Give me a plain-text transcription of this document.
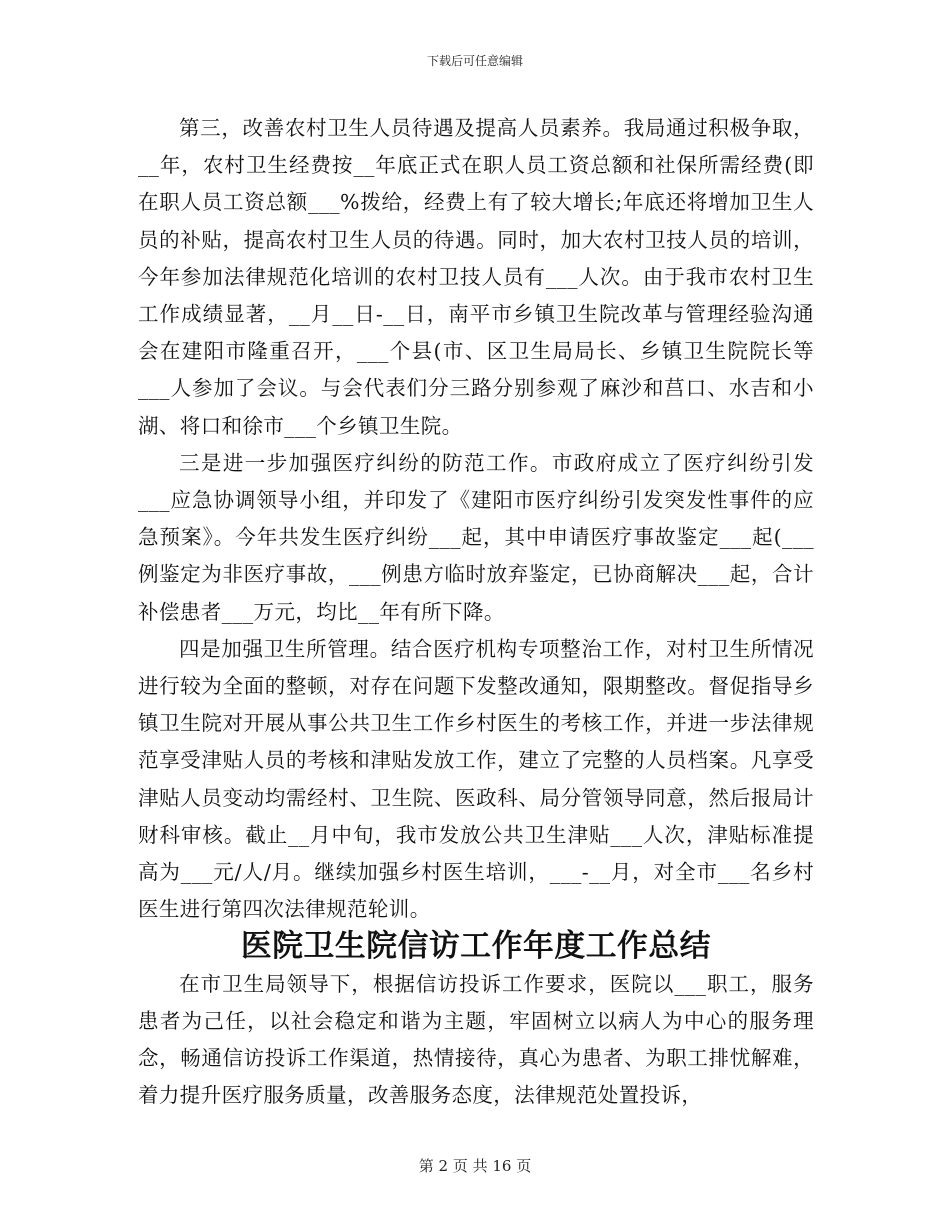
下载后可任意编辑

第三，改善农村卫生人员待遇及提高人员素养。我局通过积极争取，__年，农村卫生经费按__年底正式在职人员工资总额和社保所需经费(即在职人员工资总额___%拨给，经费上有了较大增长;年底还将增加卫生人员的补贴，提高农村卫生人员的待遇。同时，加大农村卫技人员的培训，今年参加法律规范化培训的农村卫技人员有___人次。由于我市农村卫生工作成绩显著，__月__日-__日，南平市乡镇卫生院改革与管理经验沟通会在建阳市隆重召开，___个县(市、区卫生局局长、乡镇卫生院院长等___人参加了会议。与会代表们分三路分别参观了麻沙和莒口、水吉和小湖、将口和徐市___个乡镇卫生院。

三是进一步加强医疗纠纷的防范工作。市政府成立了医疗纠纷引发___应急协调领导小组，并印发了《建阳市医疗纠纷引发突发性事件的应急预案》。今年共发生医疗纠纷___起，其中申请医疗事故鉴定___起(___例鉴定为非医疗事故，___例患方临时放弃鉴定，已协商解决___起，合计补偿患者___万元，均比__年有所下降。

四是加强卫生所管理。结合医疗机构专项整治工作，对村卫生所情况进行较为全面的整顿，对存在问题下发整改通知，限期整改。督促指导乡镇卫生院对开展从事公共卫生工作乡村医生的考核工作，并进一步法律规范享受津贴人员的考核和津贴发放工作，建立了完整的人员档案。凡享受津贴人员变动均需经村、卫生院、医政科、局分管领导同意，然后报局计财科审核。截止__月中旬，我市发放公共卫生津贴___人次，津贴标准提高为___元/人/月。继续加强乡村医生培训，___-__月，对全市___名乡村医生进行第四次法律规范轮训。

医院卫生院信访工作年度工作总结

在市卫生局领导下，根据信访投诉工作要求，医院以___职工，服务患者为己任，以社会稳定和谐为主题，牢固树立以病人为中心的服务理念，畅通信访投诉工作渠道，热情接待，真心为患者、为职工排忧解难，着力提升医疗服务质量，改善服务态度，法律规范处置投诉，

第 2 页 共 16 页
